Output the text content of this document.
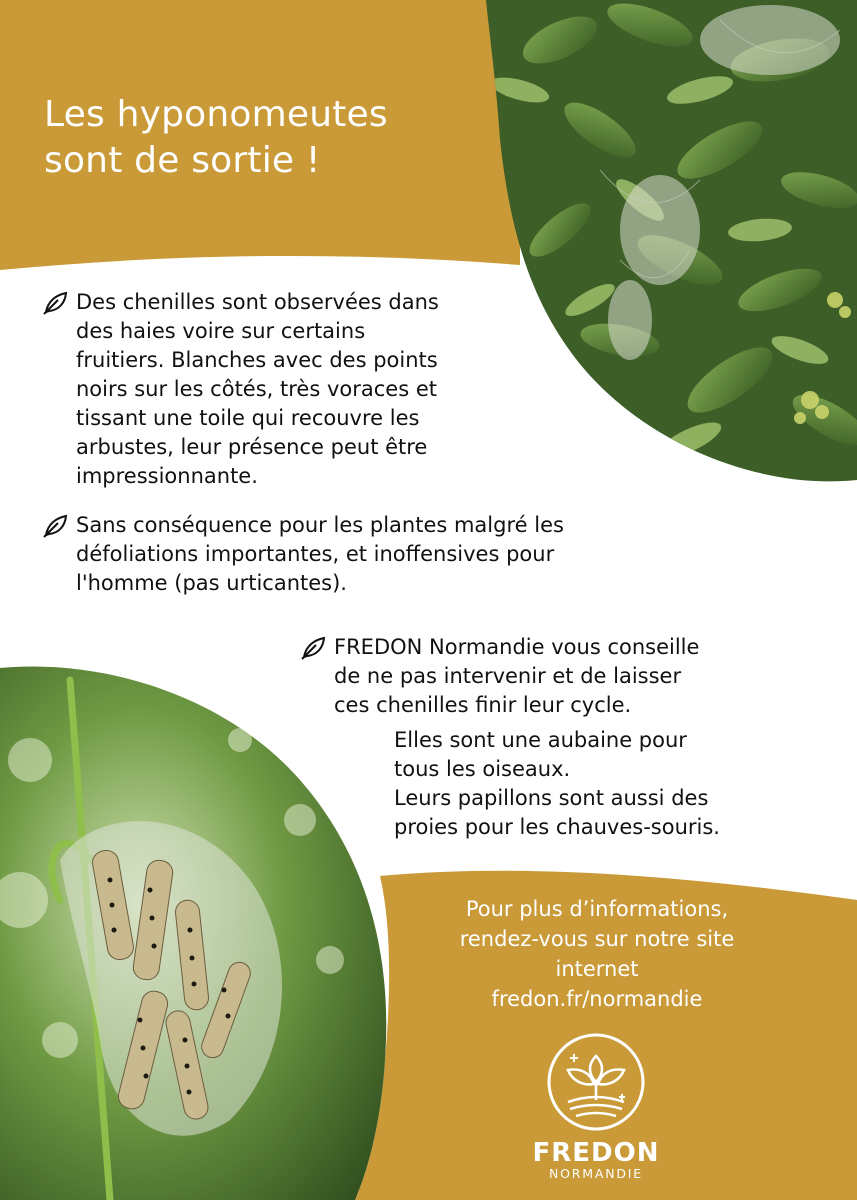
Les hyponomeutes
sont de sortie !
Des chenilles sont observées dans
des haies voire sur certains
fruitiers. Blanches avec des points
noirs sur les côtés, très voraces et
tissant une toile qui recouvre les
arbustes, leur présence peut être
impressionnante.
Sans conséquence pour les plantes malgré les
défoliations importantes, et inoffensives pour
l'homme (pas urticantes).
FREDON Normandie vous conseille
de ne pas intervenir et de laisser
ces chenilles finir leur cycle.
Elles sont une aubaine pour
tous les oiseaux.
Leurs papillons sont aussi des
proies pour les chauves-souris.
Pour plus d’informations,
rendez-vous sur notre site
internet
fredon.fr/normandie
FREDON
NORMANDIE
